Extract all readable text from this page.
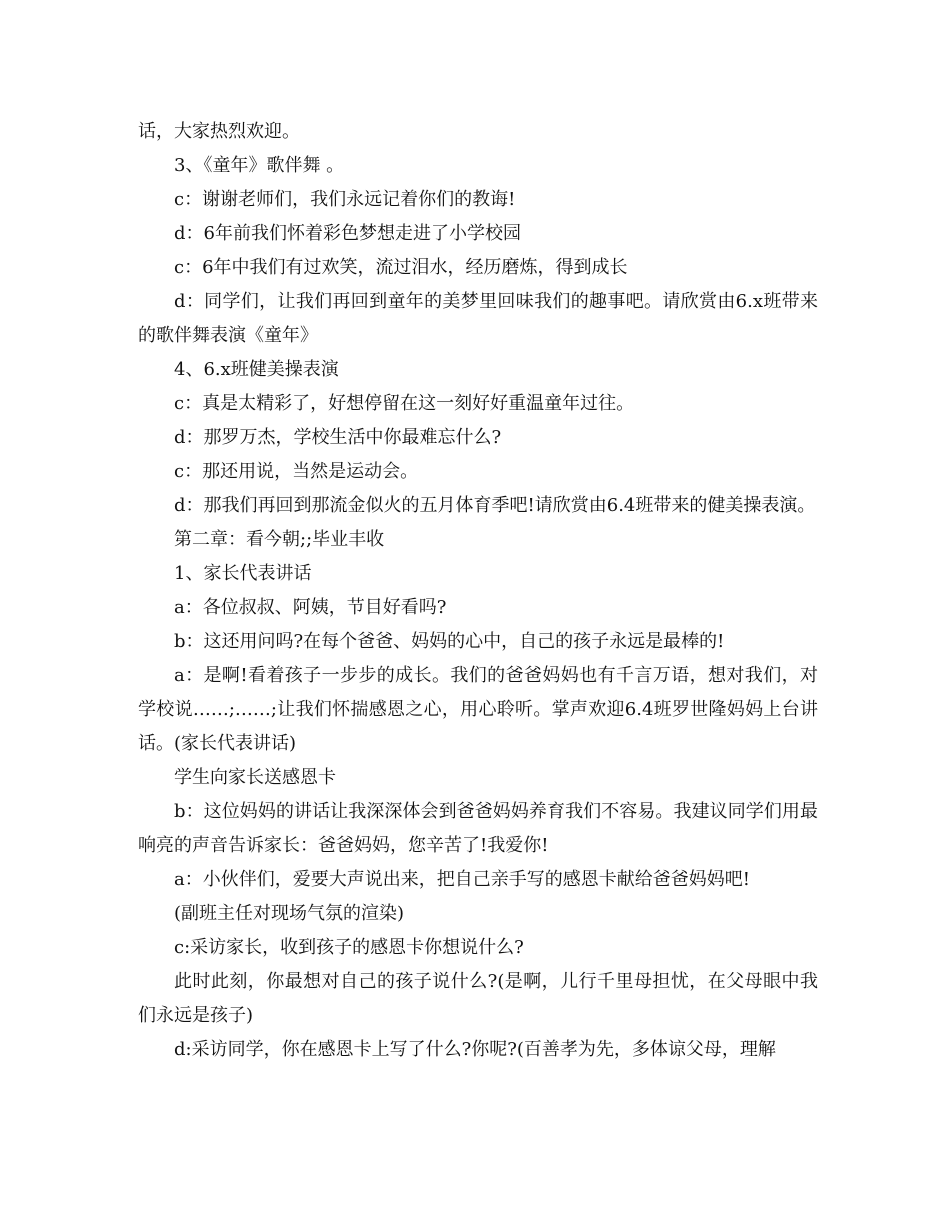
话，大家热烈欢迎。

3、《童年》歌伴舞 。

c：谢谢老师们，我们永远记着你们的教诲!

d：6年前我们怀着彩色梦想走进了小学校园

c：6年中我们有过欢笑，流过泪水，经历磨炼，得到成长

d：同学们，让我们再回到童年的美梦里回味我们的趣事吧。请欣赏由6.x班带来的歌伴舞表演《童年》

4、6.x班健美操表演

c：真是太精彩了，好想停留在这一刻好好重温童年过往。

d：那罗万杰，学校生活中你最难忘什么?

c：那还用说，当然是运动会。

d：那我们再回到那流金似火的五月体育季吧!请欣赏由6.4班带来的健美操表演。

第二章：看今朝;;毕业丰收

1、家长代表讲话

a：各位叔叔、阿姨，节目好看吗?

b：这还用问吗?在每个爸爸、妈妈的心中，自己的孩子永远是最棒的!

a：是啊!看着孩子一步步的成长。我们的爸爸妈妈也有千言万语，想对我们，对学校说……;……;让我们怀揣感恩之心，用心聆听。掌声欢迎6.4班罗世隆妈妈上台讲话。(家长代表讲话)

学生向家长送感恩卡

b：这位妈妈的讲话让我深深体会到爸爸妈妈养育我们不容易。我建议同学们用最响亮的声音告诉家长：爸爸妈妈，您辛苦了!我爱你!

a：小伙伴们，爱要大声说出来，把自己亲手写的感恩卡献给爸爸妈妈吧!

(副班主任对现场气氛的渲染)

c:采访家长，收到孩子的感恩卡你想说什么?

此时此刻，你最想对自己的孩子说什么?(是啊，儿行千里母担忧，在父母眼中我们永远是孩子)

d:采访同学，你在感恩卡上写了什么?你呢?(百善孝为先，多体谅父母，理解
